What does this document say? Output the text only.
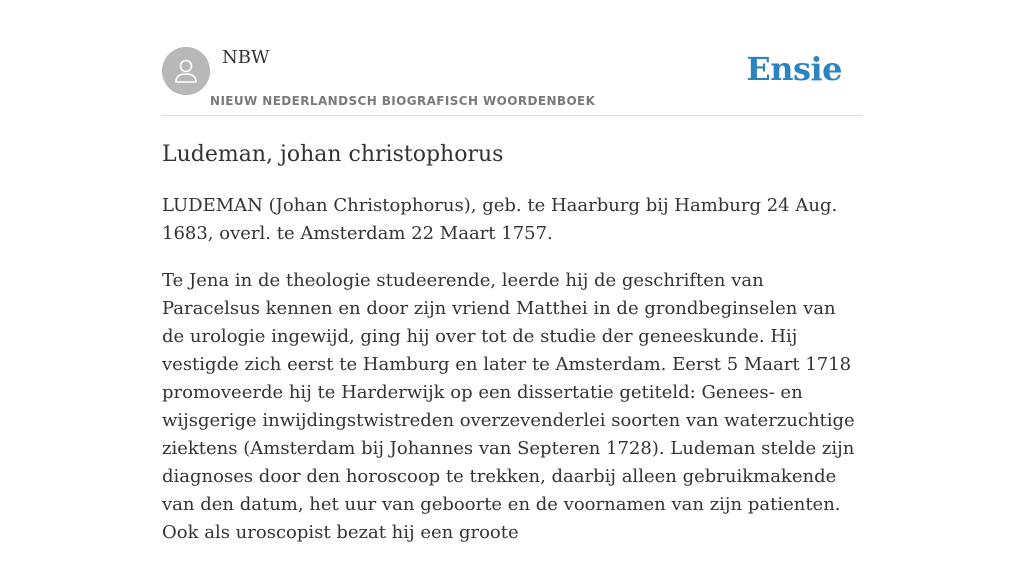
NBW
NIEUW NEDERLANDSCH BIOGRAFISCH WOORDENBOEK
Ensie
Ludeman, johan christophorus

LUDEMAN (Johan Christophorus), geb. te Haarburg bij Hamburg 24 Aug. 1683, overl. te Amsterdam 22 Maart 1757.

Te Jena in de theologie studeerende, leerde hij de geschriften van Paracelsus kennen en door zijn vriend Matthei in de grondbeginselen van de urologie ingewijd, ging hij over tot de studie der geneeskunde. Hij vestigde zich eerst te Hamburg en later te Amsterdam. Eerst 5 Maart 1718 promoveerde hij te Harderwijk op een dissertatie getiteld: Genees- en wijsgerige inwijdingstwistreden overzevenderlei soorten van waterzuchtige ziektens (Amsterdam bij Johannes van Septeren 1728). Ludeman stelde zijn diagnoses door den horoscoop te trekken, daarbij alleen gebruikmakende van den datum, het uur van geboorte en de voornamen van zijn patienten. Ook als uroscopist bezat hij een groote
